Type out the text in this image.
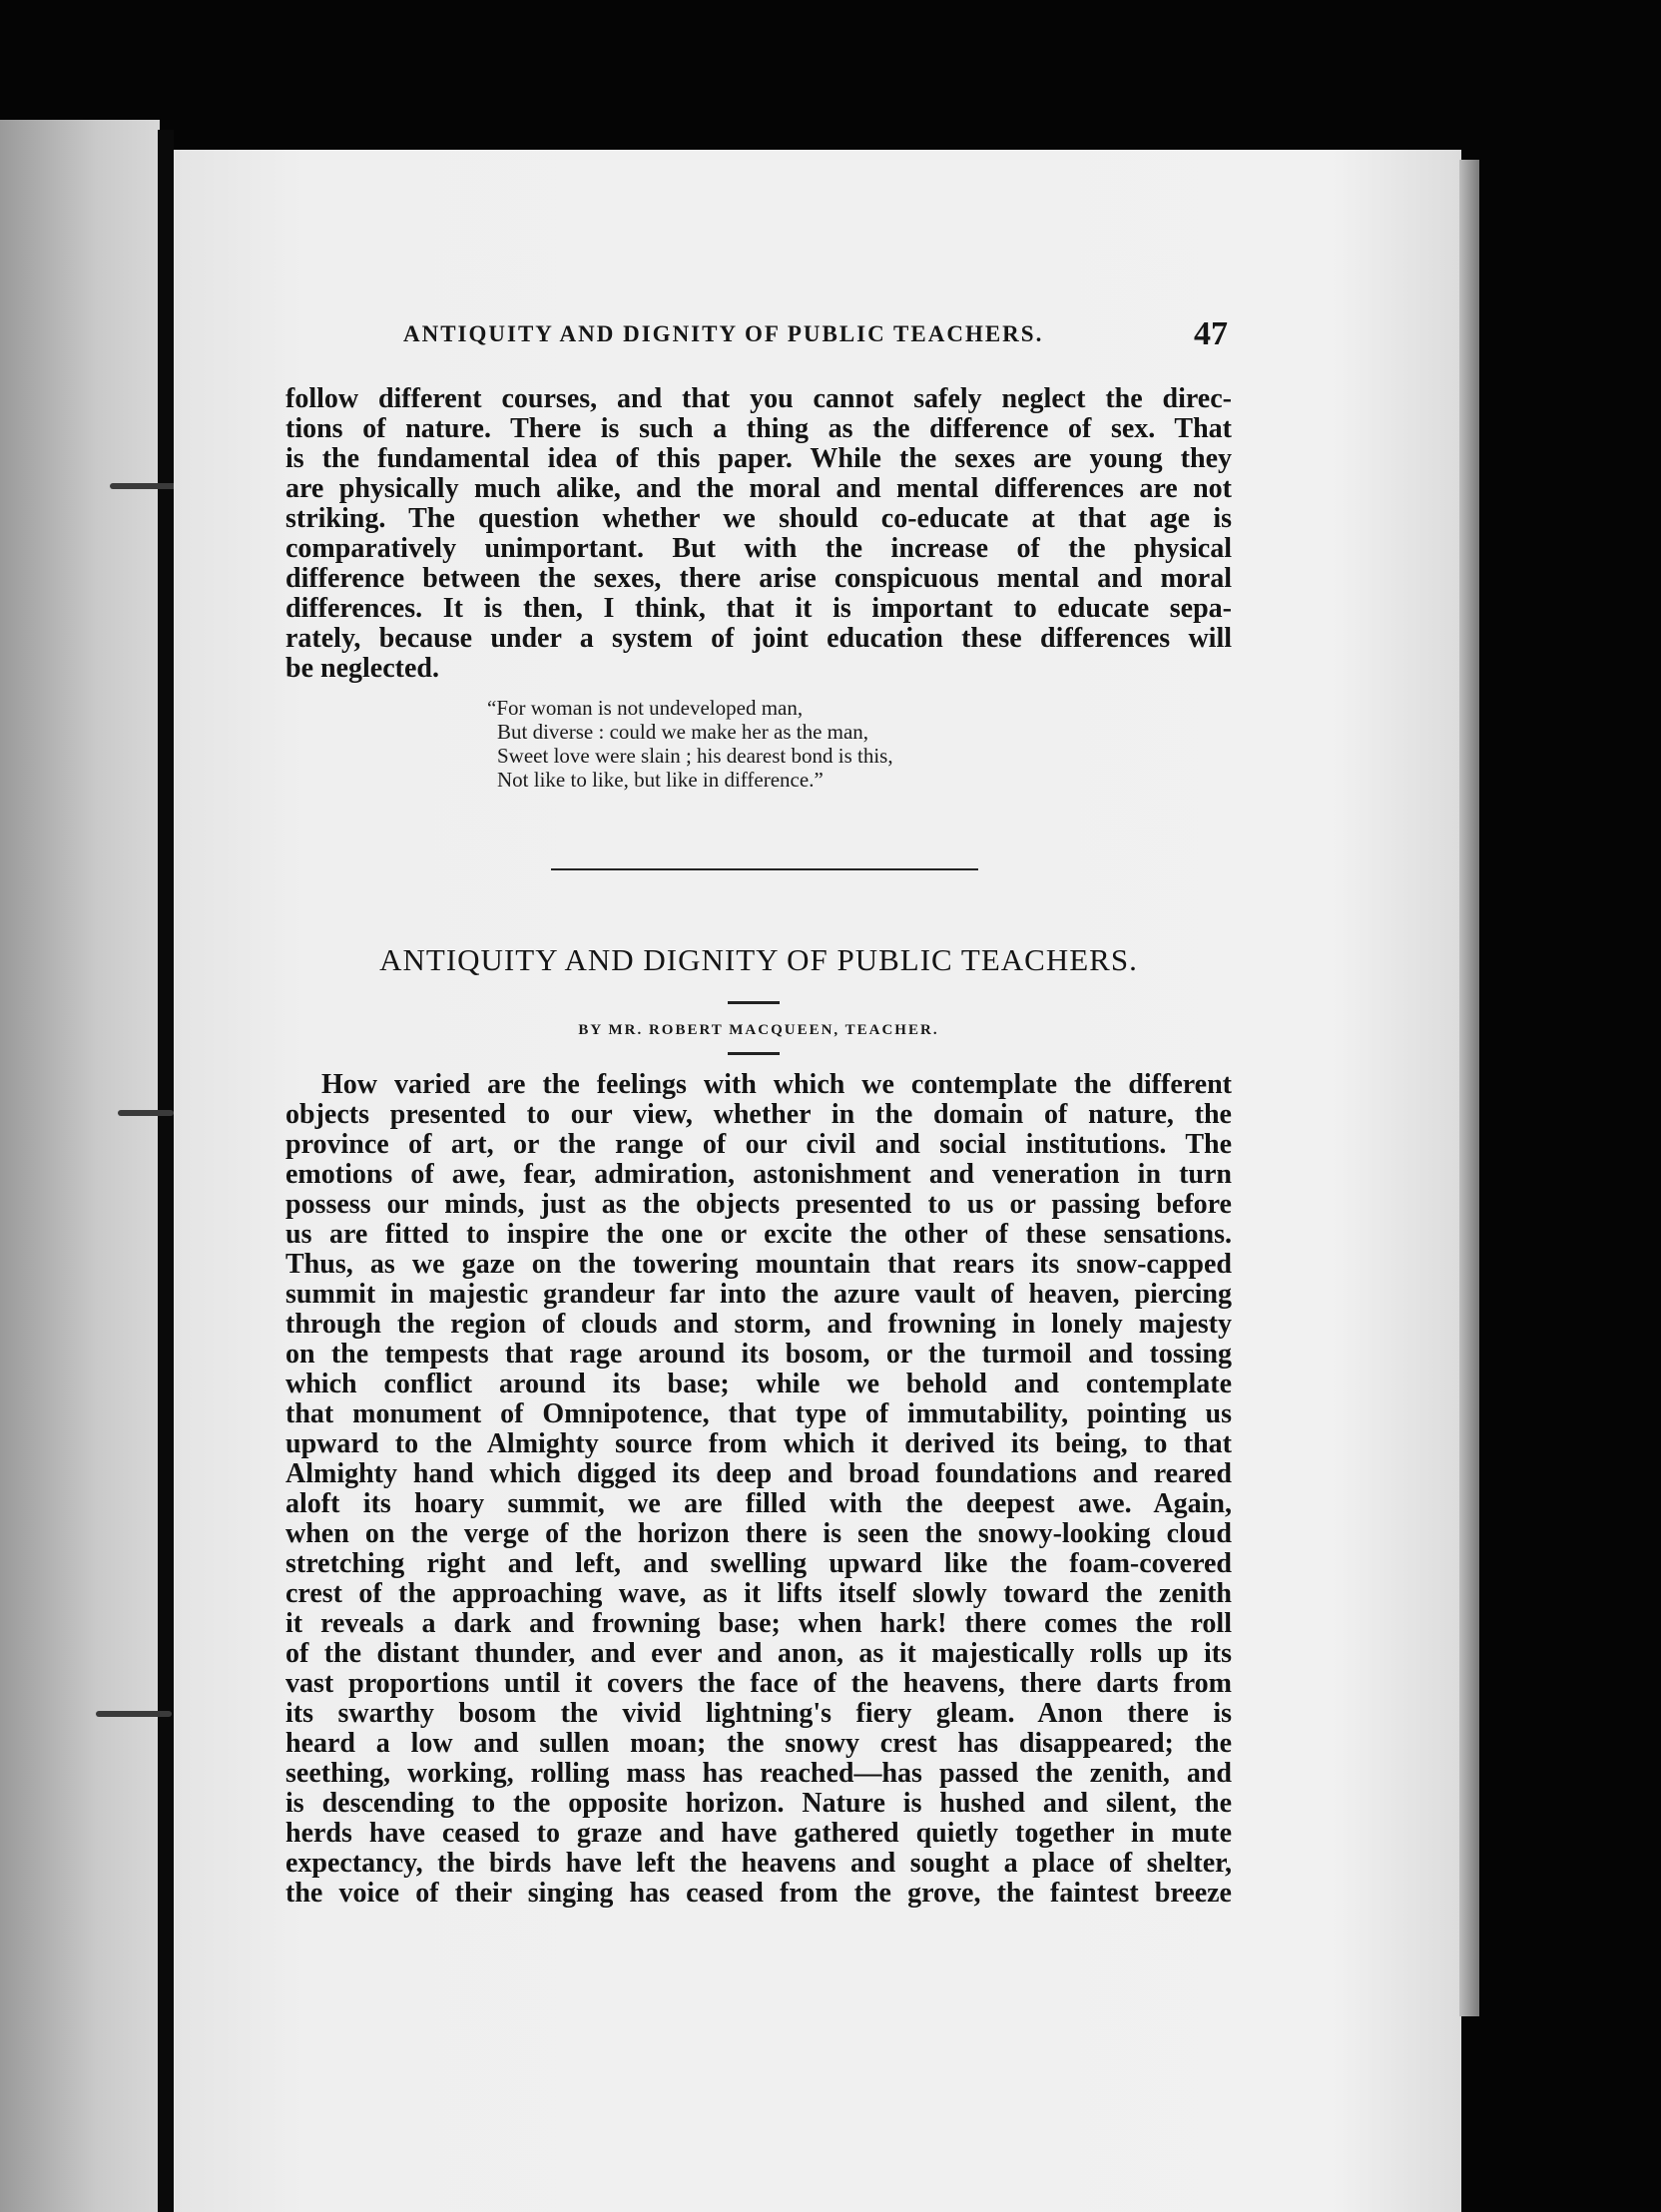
ANTIQUITY AND DIGNITY OF PUBLIC TEACHERS.	47
follow different courses, and that you cannot safely neglect the direc-
tions of nature. There is such a thing as the difference of sex. That
is the fundamental idea of this paper. While the sexes are young they
are physically much alike, and the moral and mental differences are not
striking. The question whether we should co-educate at that age is
comparatively unimportant. But with the increase of the physical
difference between the sexes, there arise conspicuous mental and moral
differences. It is then, I think, that it is important to educate sepa-
rately, because under a system of joint education these differences will
be neglected.
“For woman is not undeveloped man,
But diverse : could we make her as the man,
Sweet love were slain ; his dearest bond is this,
Not like to like, but like in difference.”
ANTIQUITY AND DIGNITY OF PUBLIC TEACHERS.
BY MR. ROBERT MACQUEEN, TEACHER.
How varied are the feelings with which we contemplate the different
objects presented to our view, whether in the domain of nature, the
province of art, or the range of our civil and social institutions. The
emotions of awe, fear, admiration, astonishment and veneration in turn
possess our minds, just as the objects presented to us or passing before
us are fitted to inspire the one or excite the other of these sensations.
Thus, as we gaze on the towering mountain that rears its snow-capped
summit in majestic grandeur far into the azure vault of heaven, piercing
through the region of clouds and storm, and frowning in lonely majesty
on the tempests that rage around its bosom, or the turmoil and tossing
which conflict around its base; while we behold and contemplate
that monument of Omnipotence, that type of immutability, pointing us
upward to the Almighty source from which it derived its being, to that
Almighty hand which digged its deep and broad foundations and reared
aloft its hoary summit, we are filled with the deepest awe. Again,
when on the verge of the horizon there is seen the snowy-looking cloud
stretching right and left, and swelling upward like the foam-covered
crest of the approaching wave, as it lifts itself slowly toward the zenith
it reveals a dark and frowning base; when hark! there comes the roll
of the distant thunder, and ever and anon, as it majestically rolls up its
vast proportions until it covers the face of the heavens, there darts from
its swarthy bosom the vivid lightning's fiery gleam. Anon there is
heard a low and sullen moan; the snowy crest has disappeared; the
seething, working, rolling mass has reached—has passed the zenith, and
is descending to the opposite horizon. Nature is hushed and silent, the
herds have ceased to graze and have gathered quietly together in mute
expectancy, the birds have left the heavens and sought a place of shelter,
the voice of their singing has ceased from the grove, the faintest breeze
